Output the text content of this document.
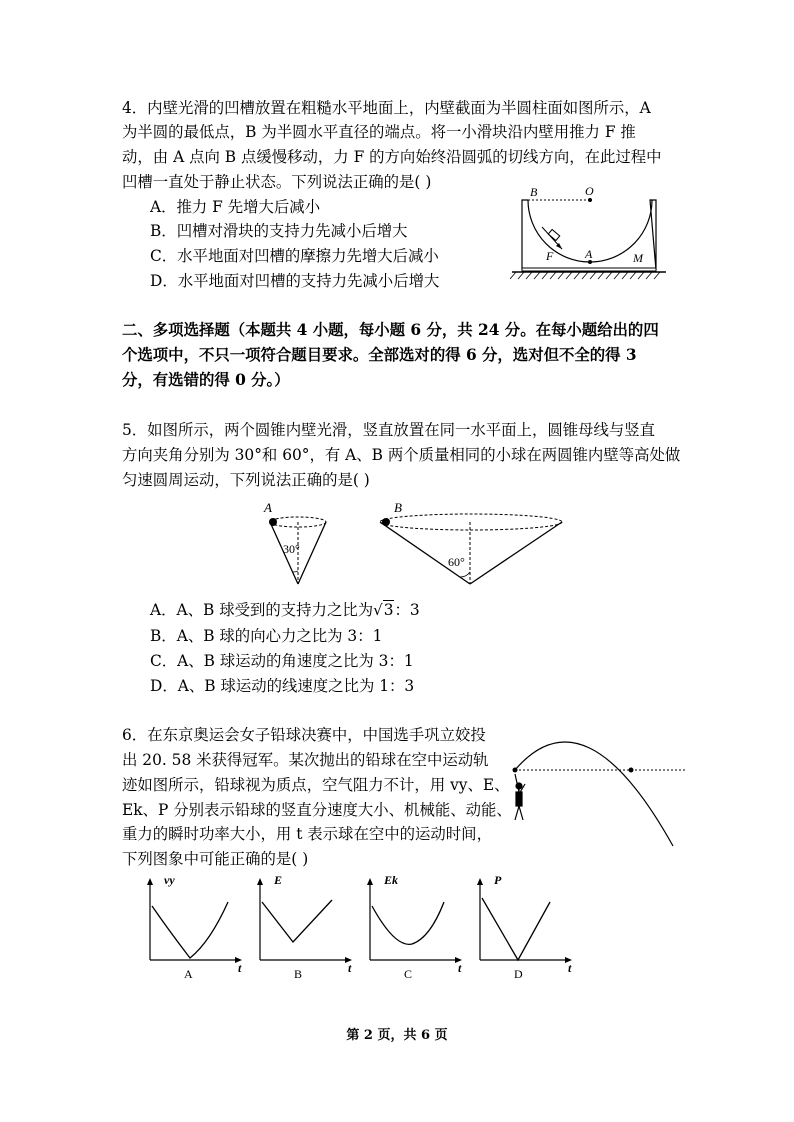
4．内壁光滑的凹槽放置在粗糙水平地面上，内壁截面为半圆柱面如图所示，A
为半圆的最低点，B 为半圆水平直径的端点。将一小滑块沿内壁用推力 F 推
动，由 A 点向 B 点缓慢移动，力 F 的方向始终沿圆弧的切线方向，在此过程中
凹槽一直处于静止状态。下列说法正确的是( )
A．推力 F 先增大后减小
B．凹槽对滑块的支持力先减小后增大
C．水平地面对凹槽的摩擦力先增大后减小
D．水平地面对凹槽的支持力先减小后增大
B	O
A
F	M
二、多项选择题（本题共 4 小题，每小题 6 分，共 24 分。在每小题给出的四
个选项中，不只一项符合题目要求。全部选对的得 6 分，选对但不全的得 3
分，有选错的得 0 分。）
5．如图所示，两个圆锥内壁光滑，竖直放置在同一水平面上，圆锥母线与竖直
方向夹角分别为 30°和 60°，有 A、B 两个质量相同的小球在两圆锥内壁等高处做
匀速圆周运动，下列说法正确的是( )
A
30°
B
60°
A．A、B 球受到的支持力之比为√3：3
B．A、B 球的向心力之比为 3：1
C．A、B 球运动的角速度之比为 3：1
D．A、B 球运动的线速度之比为 1：3
6．在东京奥运会女子铅球决赛中，中国选手巩立姣投
出 20. 58 米获得冠军。某次抛出的铅球在空中运动轨
迹如图所示，铅球视为质点，空气阻力不计，用 vy、E、
Ek、P 分别表示铅球的竖直分速度大小、机械能、动能、
重力的瞬时功率大小，用 t 表示球在空中的运动时间，
下列图象中可能正确的是( )
vy
t
A
E
t
B
Ek
t
C
P
t
D
第 2 页，共 6 页
